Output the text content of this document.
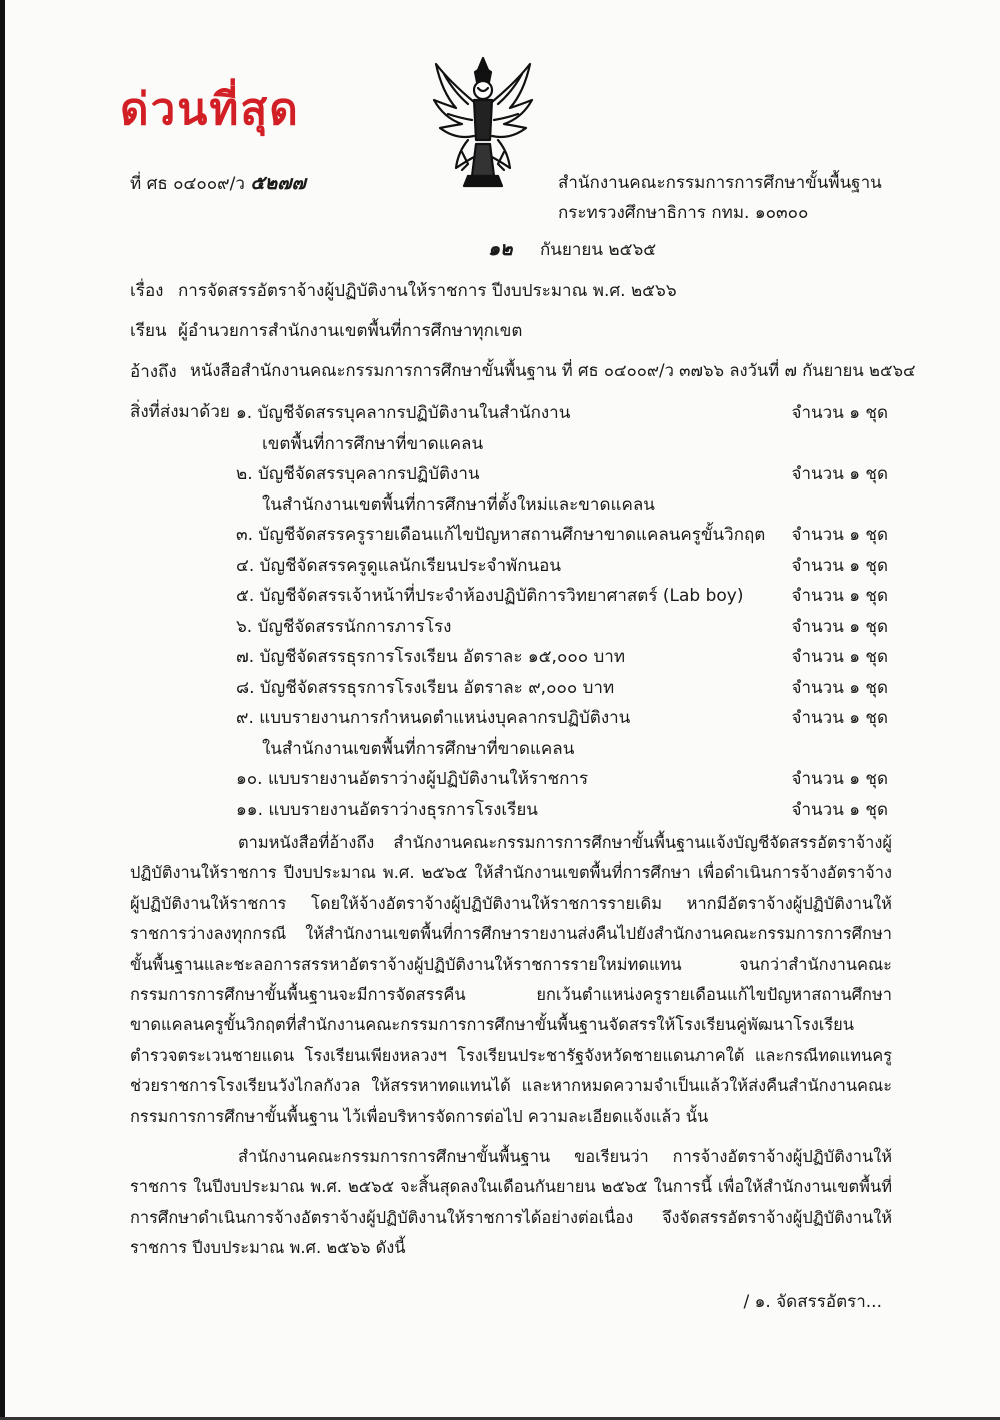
ด่วนที่สุด
ที่ ศธ ๐๔๐๐๙/ว ๕๒๗๗	สำนักงานคณะกรรมการการศึกษาขั้นพื้นฐาน
กระทรวงศึกษาธิการ กทม. ๑๐๓๐๐
๑๒ กันยายน ๒๕๖๕
เรื่อง การจัดสรรอัตราจ้างผู้ปฏิบัติงานให้ราชการ ปีงบประมาณ พ.ศ. ๒๕๖๖
เรียน ผู้อำนวยการสำนักงานเขตพื้นที่การศึกษาทุกเขต
อ้างถึง หนังสือสำนักงานคณะกรรมการการศึกษาขั้นพื้นฐาน ที่ ศธ ๐๔๐๐๙/ว ๓๗๖๖ ลงวันที่ ๗ กันยายน ๒๕๖๔
สิ่งที่ส่งมาด้วย ๑. บัญชีจัดสรรบุคลากรปฏิบัติงานในสำนักงาน
เขตพื้นที่การศึกษาที่ขาดแคลน
จำนวน ๑ ชุด
๒. บัญชีจัดสรรบุคลากรปฏิบัติงาน
ในสำนักงานเขตพื้นที่การศึกษาที่ตั้งใหม่และขาดแคลน
จำนวน ๑ ชุด
๓. บัญชีจัดสรรครูรายเดือนแก้ไขปัญหาสถานศึกษาขาดแคลนครูขั้นวิกฤต	จำนวน ๑ ชุด
๔. บัญชีจัดสรรครูดูแลนักเรียนประจำพักนอน	จำนวน ๑ ชุด
๕. บัญชีจัดสรรเจ้าหน้าที่ประจำห้องปฏิบัติการวิทยาศาสตร์ (Lab boy)	จำนวน ๑ ชุด
๖. บัญชีจัดสรรนักการภารโรง	จำนวน ๑ ชุด
๗. บัญชีจัดสรรธุรการโรงเรียน อัตราละ ๑๕,๐๐๐ บาท	จำนวน ๑ ชุด
๘. บัญชีจัดสรรธุรการโรงเรียน อัตราละ ๙,๐๐๐ บาท	จำนวน ๑ ชุด
๙. แบบรายงานการกำหนดตำแหน่งบุคลากรปฏิบัติงาน
ในสำนักงานเขตพื้นที่การศึกษาที่ขาดแคลน
จำนวน ๑ ชุด
๑๐. แบบรายงานอัตราว่างผู้ปฏิบัติงานให้ราชการ	จำนวน ๑ ชุด
๑๑. แบบรายงานอัตราว่างธุรการโรงเรียน	จำนวน ๑ ชุด

ตามหนังสือที่อ้างถึง สำนักงานคณะกรรมการการศึกษาขั้นพื้นฐานแจ้งบัญชีจัดสรรอัตราจ้างผู้ปฏิบัติงานให้ราชการ ปีงบประมาณ พ.ศ. ๒๕๖๕ ให้สำนักงานเขตพื้นที่การศึกษา เพื่อดำเนินการจ้างอัตราจ้างผู้ปฏิบัติงานให้ราชการ โดยให้จ้างอัตราจ้างผู้ปฏิบัติงานให้ราชการรายเดิม หากมีอัตราจ้างผู้ปฏิบัติงานให้ราชการว่างลงทุกกรณี ให้สำนักงานเขตพื้นที่การศึกษารายงานส่งคืนไปยังสำนักงานคณะกรรมการการศึกษาขั้นพื้นฐานและชะลอการสรรหาอัตราจ้างผู้ปฏิบัติงานให้ราชการรายใหม่ทดแทน จนกว่าสำนักงานคณะกรรมการการศึกษาขั้นพื้นฐานจะมีการจัดสรรคืน ยกเว้นตำแหน่งครูรายเดือนแก้ไขปัญหาสถานศึกษาขาดแคลนครูขั้นวิกฤตที่สำนักงานคณะกรรมการการศึกษาขั้นพื้นฐานจัดสรรให้โรงเรียนคู่พัฒนาโรงเรียนตำรวจตระเวนชายแดน โรงเรียนเพียงหลวงฯ โรงเรียนประชารัฐจังหวัดชายแดนภาคใต้ และกรณีทดแทนครูช่วยราชการโรงเรียนวังไกลกังวล ให้สรรหาทดแทนได้ และหากหมดความจำเป็นแล้วให้ส่งคืนสำนักงานคณะกรรมการการศึกษาขั้นพื้นฐาน ไว้เพื่อบริหารจัดการต่อไป ความละเอียดแจ้งแล้ว นั้น

สำนักงานคณะกรรมการการศึกษาขั้นพื้นฐาน ขอเรียนว่า การจ้างอัตราจ้างผู้ปฏิบัติงานให้ราชการ ในปีงบประมาณ พ.ศ. ๒๕๖๕ จะสิ้นสุดลงในเดือนกันยายน ๒๕๖๕ ในการนี้ เพื่อให้สำนักงานเขตพื้นที่การศึกษาดำเนินการจ้างอัตราจ้างผู้ปฏิบัติงานให้ราชการได้อย่างต่อเนื่อง จึงจัดสรรอัตราจ้างผู้ปฏิบัติงานให้ราชการ ปีงบประมาณ พ.ศ. ๒๕๖๖ ดังนี้

/ ๑. จัดสรรอัตรา...
